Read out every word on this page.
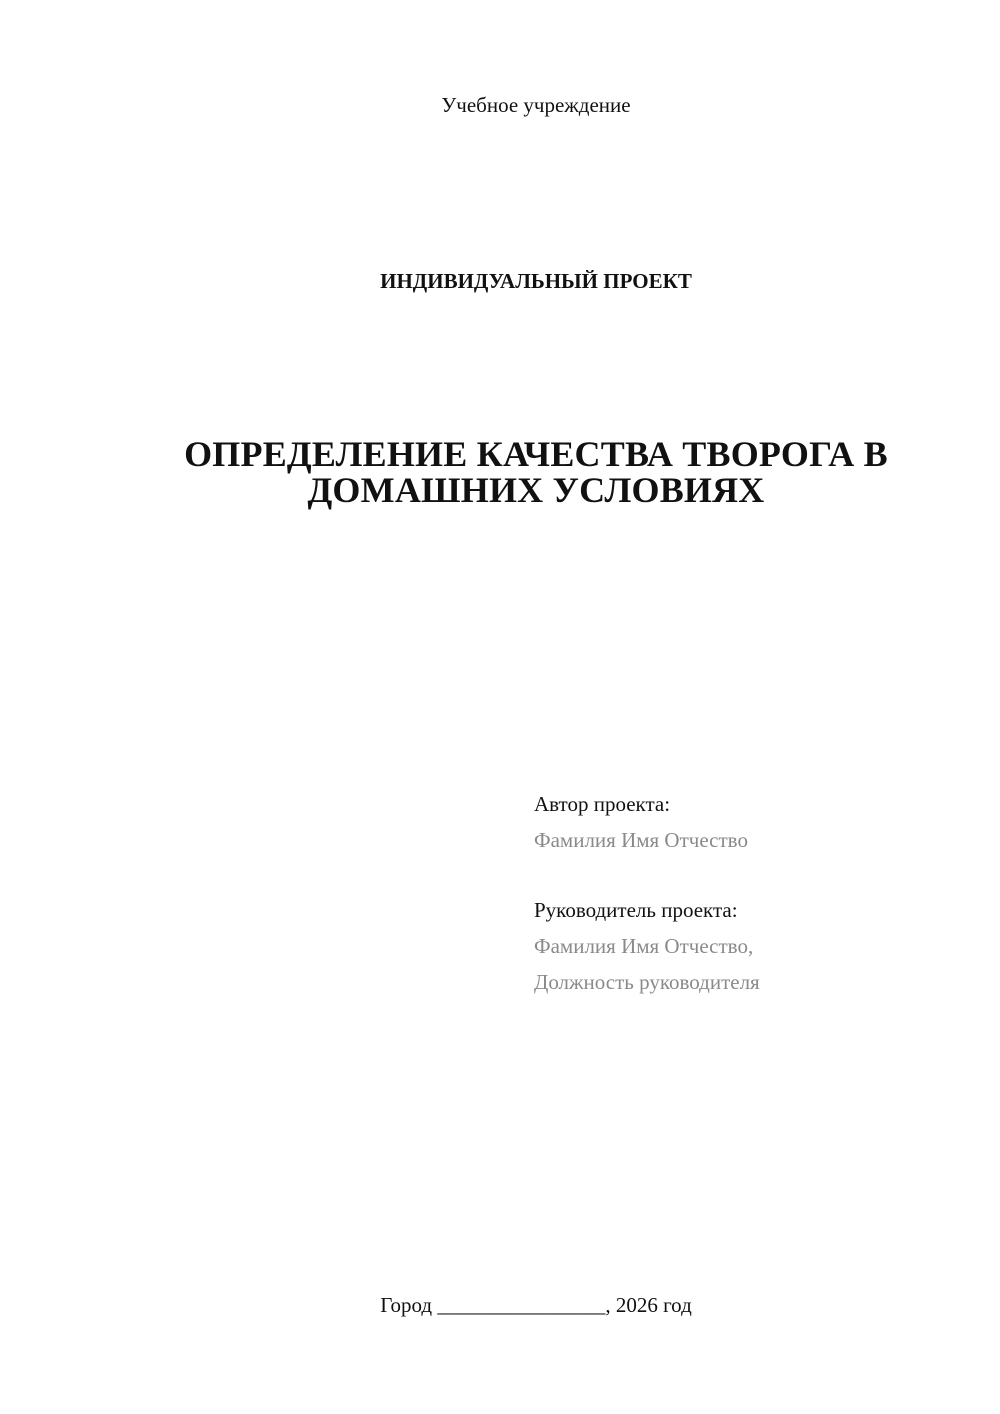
Учебное учреждение
ИНДИВИДУАЛЬНЫЙ ПРОЕКТ
ОПРЕДЕЛЕНИЕ КАЧЕСТВА ТВОРОГА В
ДОМАШНИХ УСЛОВИЯХ
Автор проекта:
Фамилия Имя Отчество
Руководитель проекта:
Фамилия Имя Отчество,
Должность руководителя
Город ________________, 2026 год
